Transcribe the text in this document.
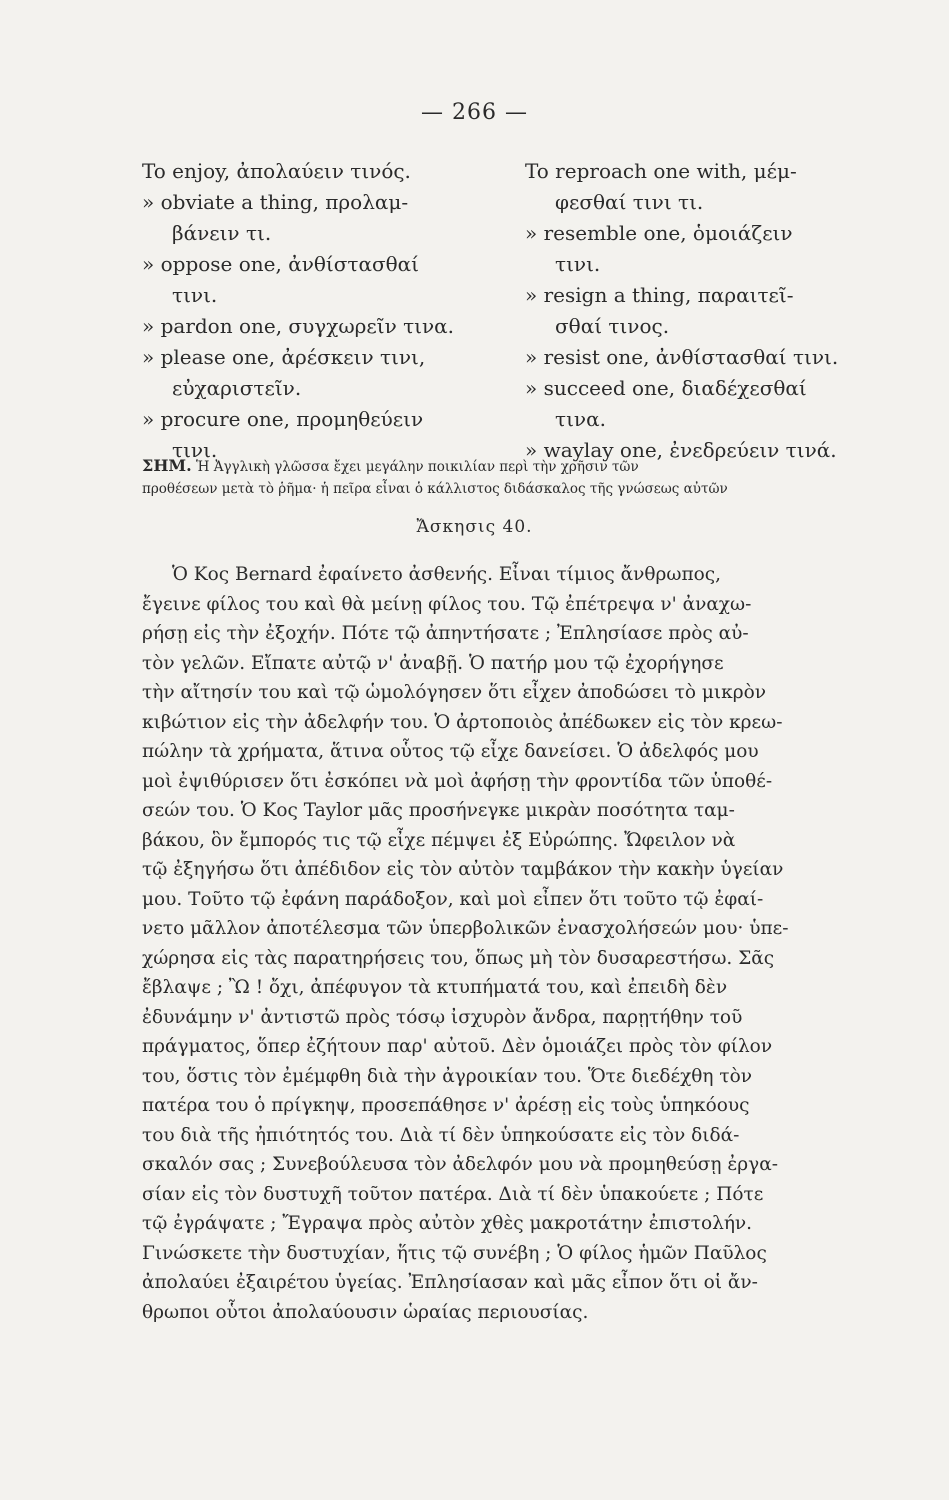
— 266 —
To enjoy, ἀπολαύειν τινός.
» obviate a thing, προλαμ-
βάνειν τι.
» oppose one, ἀνθίστασθαί
τινι.
» pardon one, συγχωρεῖν τινα.
» please one, ἀρέσκειν τινι,
εὐχαριστεῖν.
» procure one, προμηθεύειν
τινι.
To reproach one with, μέμ-
φεσθαί τινι τι.
» resemble one, ὁμοιάζειν
τινι.
» resign a thing, παραιτεῖ-
σθαί τινος.
» resist one, ἀνθίστασθαί τινι.
» succeed one, διαδέχεσθαί
τινα.
» waylay one, ἐνεδρεύειν τινά.
ΣΗΜ. Ἡ Ἀγγλικὴ γλῶσσα ἔχει μεγάλην ποικιλίαν περὶ τὴν χρῆσιν τῶν
προθέσεων μετὰ τὸ ῥῆμα· ἡ πεῖρα εἶναι ὁ κάλλιστος διδάσκαλος τῆς γνώσεως αὐτῶν
Ἄσκησις 40.
Ὁ Κος Bernard ἐφαίνετο ἀσθενής. Εἶναι τίμιος ἄνθρωπος,
ἔγεινε φίλος του καὶ θὰ μείνῃ φίλος του. Τῷ ἐπέτρεψα ν' ἀναχω-
ρήσῃ εἰς τὴν ἐξοχήν. Πότε τῷ ἀπηντήσατε ; Ἐπλησίασε πρὸς αὐ-
τὸν γελῶν. Εἴπατε αὐτῷ ν' ἀναβῇ. Ὁ πατήρ μου τῷ ἐχορήγησε
τὴν αἴτησίν του καὶ τῷ ὡμολόγησεν ὅτι εἶχεν ἀποδώσει τὸ μικρὸν
κιβώτιον εἰς τὴν ἀδελφήν του. Ὁ ἀρτοποιὸς ἀπέδωκεν εἰς τὸν κρεω-
πώλην τὰ χρήματα, ἅτινα οὗτος τῷ εἶχε δανείσει. Ὁ ἀδελφός μου
μοὶ ἐψιθύρισεν ὅτι ἐσκόπει νὰ μοὶ ἀφήσῃ τὴν φροντίδα τῶν ὑποθέ-
σεών του. Ὁ Κος Taylor μᾶς προσήνεγκε μικρὰν ποσότητα ταμ-
βάκου, ὃν ἔμπορός τις τῷ εἶχε πέμψει ἐξ Εὐρώπης. Ὤφειλον νὰ
τῷ ἐξηγήσω ὅτι ἀπέδιδον εἰς τὸν αὐτὸν ταμβάκον τὴν κακὴν ὑγείαν
μου. Τοῦτο τῷ ἐφάνη παράδοξον, καὶ μοὶ εἶπεν ὅτι τοῦτο τῷ ἐφαί-
νετο μᾶλλον ἀποτέλεσμα τῶν ὑπερβολικῶν ἐνασχολήσεών μου· ὑπε-
χώρησα εἰς τὰς παρατηρήσεις του, ὅπως μὴ τὸν δυσαρεστήσω. Σᾶς
ἔβλαψε ; Ὢ ! ὄχι, ἀπέφυγον τὰ κτυπήματά του, καὶ ἐπειδὴ δὲν
ἐδυνάμην ν' ἀντιστῶ πρὸς τόσῳ ἰσχυρὸν ἄνδρα, παρῃτήθην τοῦ
πράγματος, ὅπερ ἐζήτουν παρ' αὐτοῦ. Δὲν ὁμοιάζει πρὸς τὸν φίλον
του, ὅστις τὸν ἐμέμφθη διὰ τὴν ἀγροικίαν του. Ὅτε διεδέχθη τὸν
πατέρα του ὁ πρίγκηψ, προσεπάθησε ν' ἀρέσῃ εἰς τοὺς ὑπηκόους
του διὰ τῆς ἠπιότητός του. Διὰ τί δὲν ὑπηκούσατε εἰς τὸν διδά-
σκαλόν σας ; Συνεβούλευσα τὸν ἀδελφόν μου νὰ προμηθεύσῃ ἐργα-
σίαν εἰς τὸν δυστυχῆ τοῦτον πατέρα. Διὰ τί δὲν ὑπακούετε ; Πότε
τῷ ἐγράψατε ; Ἔγραψα πρὸς αὐτὸν χθὲς μακροτάτην ἐπιστολήν.
Γινώσκετε τὴν δυστυχίαν, ἥτις τῷ συνέβη ; Ὁ φίλος ἡμῶν Παῦλος
ἀπολαύει ἐξαιρέτου ὑγείας. Ἐπλησίασαν καὶ μᾶς εἶπον ὅτι οἱ ἄν-
θρωποι οὗτοι ἀπολαύουσιν ὡραίας περιουσίας.
